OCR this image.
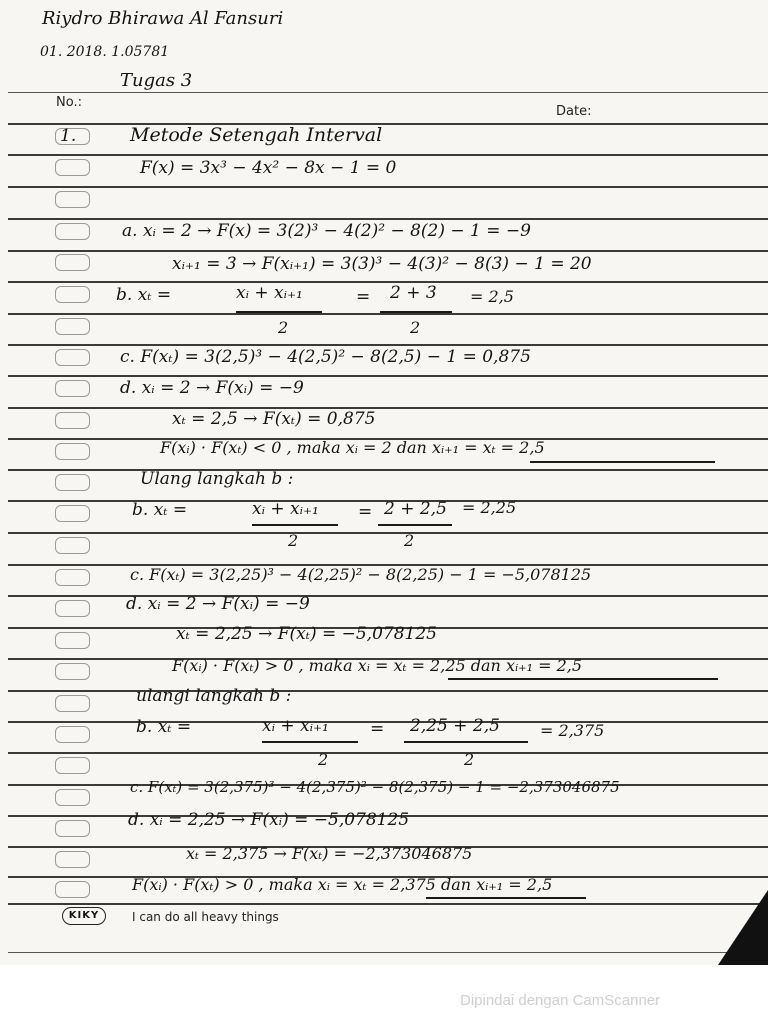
Riydro Bhirawa Al Fansuri
01. 2018. 1.05781
Tugas 3
No.:
Date:
1.	Metode Setengah Interval
F(x) = 3x³ − 4x² − 8x − 1 = 0
a. xᵢ = 2 → F(x) = 3(2)³ − 4(2)² − 8(2) − 1 = −9
xᵢ₊₁ = 3 → F(xᵢ₊₁) = 3(3)³ − 4(3)² − 8(3) − 1 = 20
b. xₜ =	xᵢ + xᵢ₊₁	= 2 + 3 = 2,5
2	2
c. F(xₜ) = 3(2,5)³ − 4(2,5)² − 8(2,5) − 1 = 0,875
d. xᵢ = 2 → F(xᵢ) = −9
xₜ = 2,5 → F(xₜ) = 0,875
F(xᵢ) · F(xₜ) < 0 , maka xᵢ = 2 dan xᵢ₊₁ = xₜ = 2,5
Ulang langkah b :
b. xₜ =	xᵢ + xᵢ₊₁ = 2 + 2,5 = 2,25
2	2
c. F(xₜ) = 3(2,25)³ − 4(2,25)² − 8(2,25) − 1 = −5,078125
d. xᵢ = 2 → F(xᵢ) = −9
xₜ = 2,25 → F(xₜ) = −5,078125
F(xᵢ) · F(xₜ) > 0 , maka xᵢ = xₜ = 2,25 dan xᵢ₊₁ = 2,5
ulangi langkah b :
b. xₜ =	xᵢ + xᵢ₊₁ = 2,25 + 2,5	= 2,375
2	2
c. F(xₜ) = 3(2,375)³ − 4(2,375)² − 8(2,375) − 1 = −2,373046875
d. xᵢ = 2,25 → F(xᵢ) = −5,078125
xₜ = 2,375 → F(xₜ) = −2,373046875
F(xᵢ) · F(xₜ) > 0 , maka xᵢ = xₜ = 2,375 dan xᵢ₊₁ = 2,5
KIKY	I can do all heavy things
Dipindai dengan CamScanner
